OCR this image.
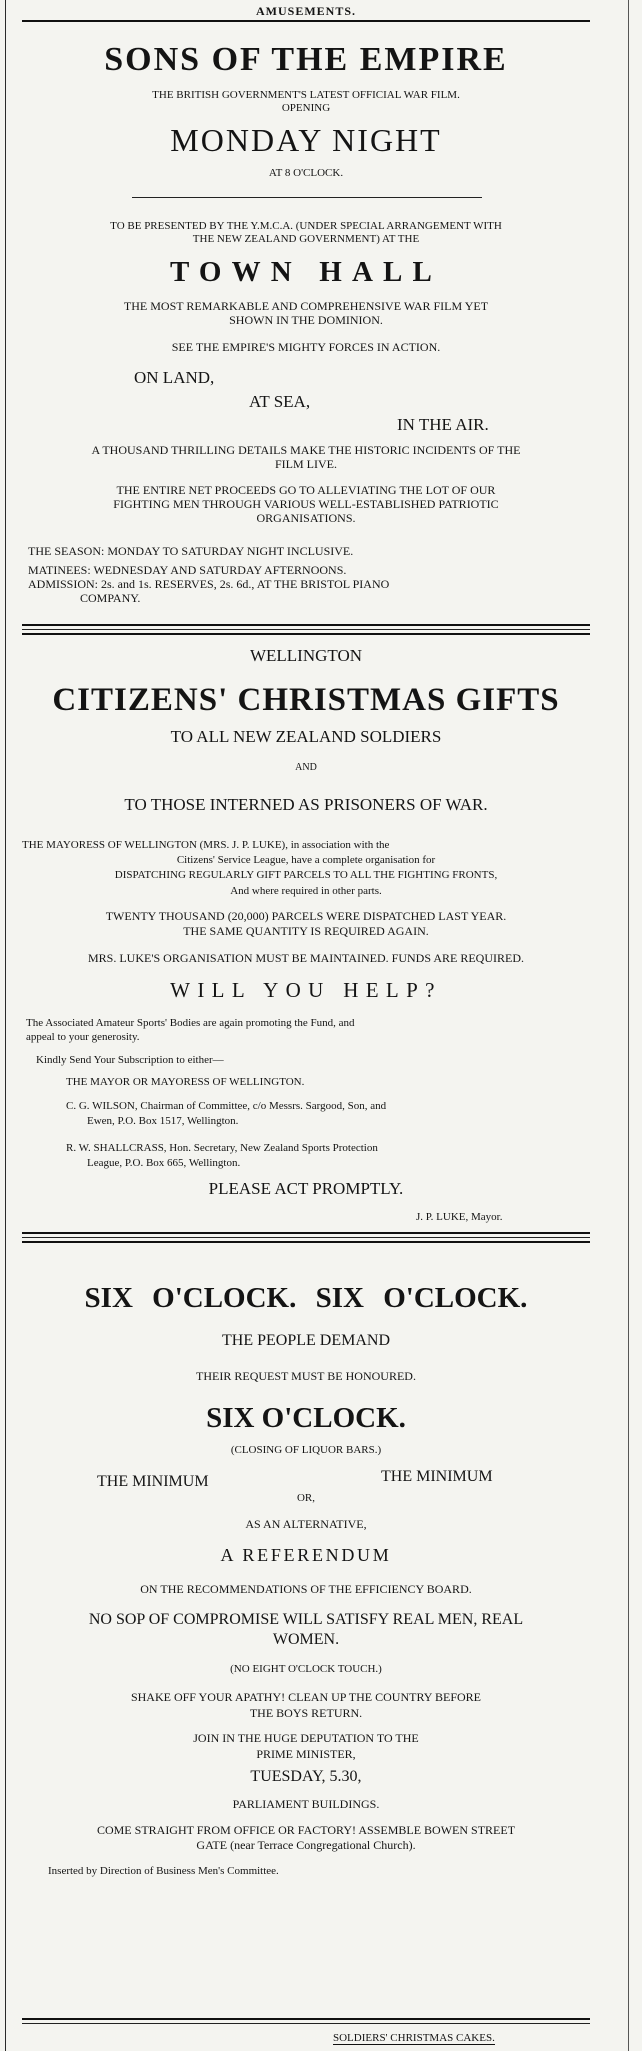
AMUSEMENTS.
SONS OF THE EMPIRE
THE BRITISH GOVERNMENT'S LATEST OFFICIAL WAR FILM.
OPENING
MONDAY NIGHT
AT 8 O'CLOCK.
TO BE PRESENTED BY THE Y.M.C.A. (UNDER SPECIAL ARRANGEMENT WITH
THE NEW ZEALAND GOVERNMENT) AT THE
TOWN HALL
THE MOST REMARKABLE AND COMPREHENSIVE WAR FILM YET
SHOWN IN THE DOMINION.
SEE THE EMPIRE'S MIGHTY FORCES IN ACTION.
ON LAND,
AT SEA,
IN THE AIR.
A THOUSAND THRILLING DETAILS MAKE THE HISTORIC INCIDENTS OF THE
FILM LIVE.
THE ENTIRE NET PROCEEDS GO TO ALLEVIATING THE LOT OF OUR
FIGHTING MEN THROUGH VARIOUS WELL-ESTABLISHED PATRIOTIC
ORGANISATIONS.
THE SEASON: MONDAY TO SATURDAY NIGHT INCLUSIVE.
MATINEES: WEDNESDAY AND SATURDAY AFTERNOONS.
ADMISSION: 2s. and 1s. RESERVES, 2s. 6d., AT THE BRISTOL PIANO
COMPANY.
WELLINGTON
CITIZENS' CHRISTMAS GIFTS
TO ALL NEW ZEALAND SOLDIERS
AND
TO THOSE INTERNED AS PRISONERS OF WAR.
THE MAYORESS OF WELLINGTON (MRS. J. P. LUKE), in association with the
Citizens' Service League, have a complete organisation for
DISPATCHING REGULARLY GIFT PARCELS TO ALL THE FIGHTING FRONTS,
And where required in other parts.
TWENTY THOUSAND (20,000) PARCELS WERE DISPATCHED LAST YEAR.
THE SAME QUANTITY IS REQUIRED AGAIN.
MRS. LUKE'S ORGANISATION MUST BE MAINTAINED. FUNDS ARE REQUIRED.
WILL YOU HELP?
The Associated Amateur Sports' Bodies are again promoting the Fund, and
appeal to your generosity.
Kindly Send Your Subscription to either—
THE MAYOR OR MAYORESS OF WELLINGTON.
C. G. WILSON, Chairman of Committee, c/o Messrs. Sargood, Son, and
Ewen, P.O. Box 1517, Wellington.
R. W. SHALLCRASS, Hon. Secretary, New Zealand Sports Protection
League, P.O. Box 665, Wellington.
PLEASE ACT PROMPTLY.
J. P. LUKE, Mayor.
SIX O'CLOCK. SIX O'CLOCK.
THE PEOPLE DEMAND
THEIR REQUEST MUST BE HONOURED.
SIX O'CLOCK.
(CLOSING OF LIQUOR BARS.)
THE MINIMUM	THE MINIMUM
OR,
AS AN ALTERNATIVE,
A REFERENDUM
ON THE RECOMMENDATIONS OF THE EFFICIENCY BOARD.
NO SOP OF COMPROMISE WILL SATISFY REAL MEN, REAL
WOMEN.
(NO EIGHT O'CLOCK TOUCH.)
SHAKE OFF YOUR APATHY! CLEAN UP THE COUNTRY BEFORE
THE BOYS RETURN.
JOIN IN THE HUGE DEPUTATION TO THE
PRIME MINISTER,
TUESDAY, 5.30,
PARLIAMENT BUILDINGS.
COME STRAIGHT FROM OFFICE OR FACTORY! ASSEMBLE BOWEN STREET
GATE (near Terrace Congregational Church).
Inserted by Direction of Business Men's Committee.
SOLDIERS' CHRISTMAS CAKES.
